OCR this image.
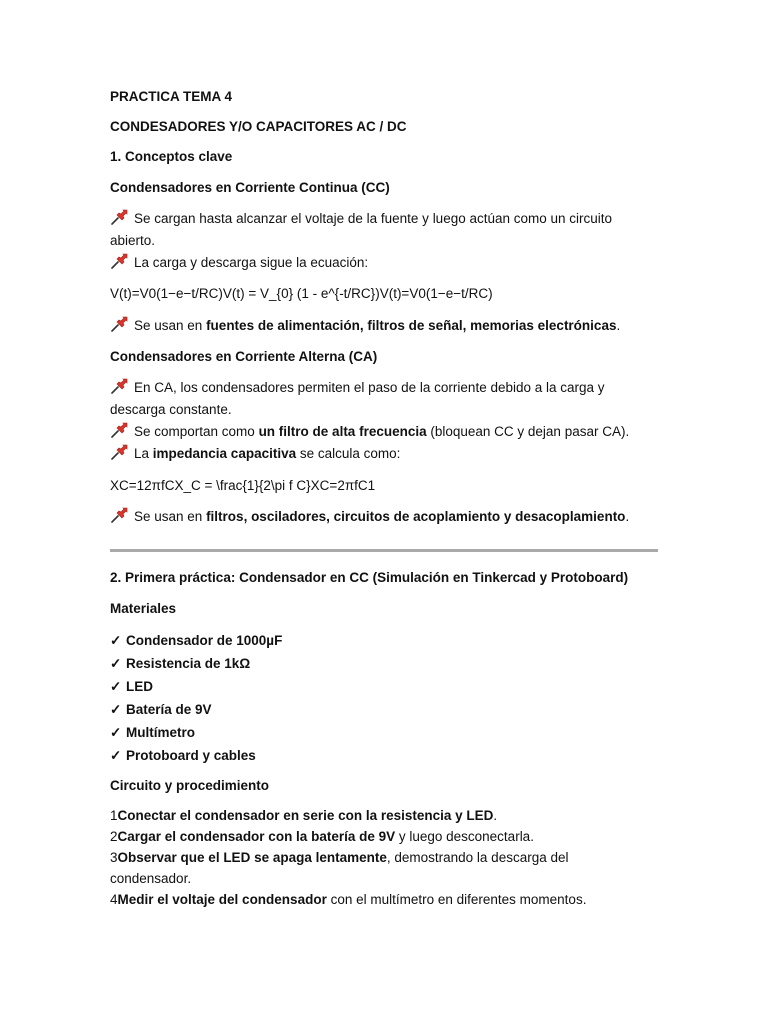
PRACTICA TEMA 4
CONDESADORES Y/O CAPACITORES AC / DC
1. Conceptos clave
Condensadores en Corriente Continua (CC)
Se cargan hasta alcanzar el voltaje de la fuente y luego actúan como un circuito
abierto.
La carga y descarga sigue la ecuación:
V(t)=V0(1−e−t/RC)V(t) = V_{0} (1 - e^{-t/RC})V(t)=V0(1−e−t/RC)
Se usan en fuentes de alimentación, filtros de señal, memorias electrónicas.
Condensadores en Corriente Alterna (CA)
En CA, los condensadores permiten el paso de la corriente debido a la carga y
descarga constante.
Se comportan como un filtro de alta frecuencia (bloquean CC y dejan pasar CA).
La impedancia capacitiva se calcula como:
XC=12πfCX_C = \frac{1}{2\pi f C}XC=2πfC1
Se usan en filtros, osciladores, circuitos de acoplamiento y desacoplamiento.
2. Primera práctica: Condensador en CC (Simulación en Tinkercad y Protoboard)
Materiales
✓ Condensador de 1000µF
✓ Resistencia de 1kΩ
✓ LED
✓ Batería de 9V
✓ Multímetro
✓ Protoboard y cables
Circuito y procedimiento
1Conectar el condensador en serie con la resistencia y LED.
2Cargar el condensador con la batería de 9V y luego desconectarla.
3Observar que el LED se apaga lentamente, demostrando la descarga del
condensador.
4Medir el voltaje del condensador con el multímetro en diferentes momentos.
